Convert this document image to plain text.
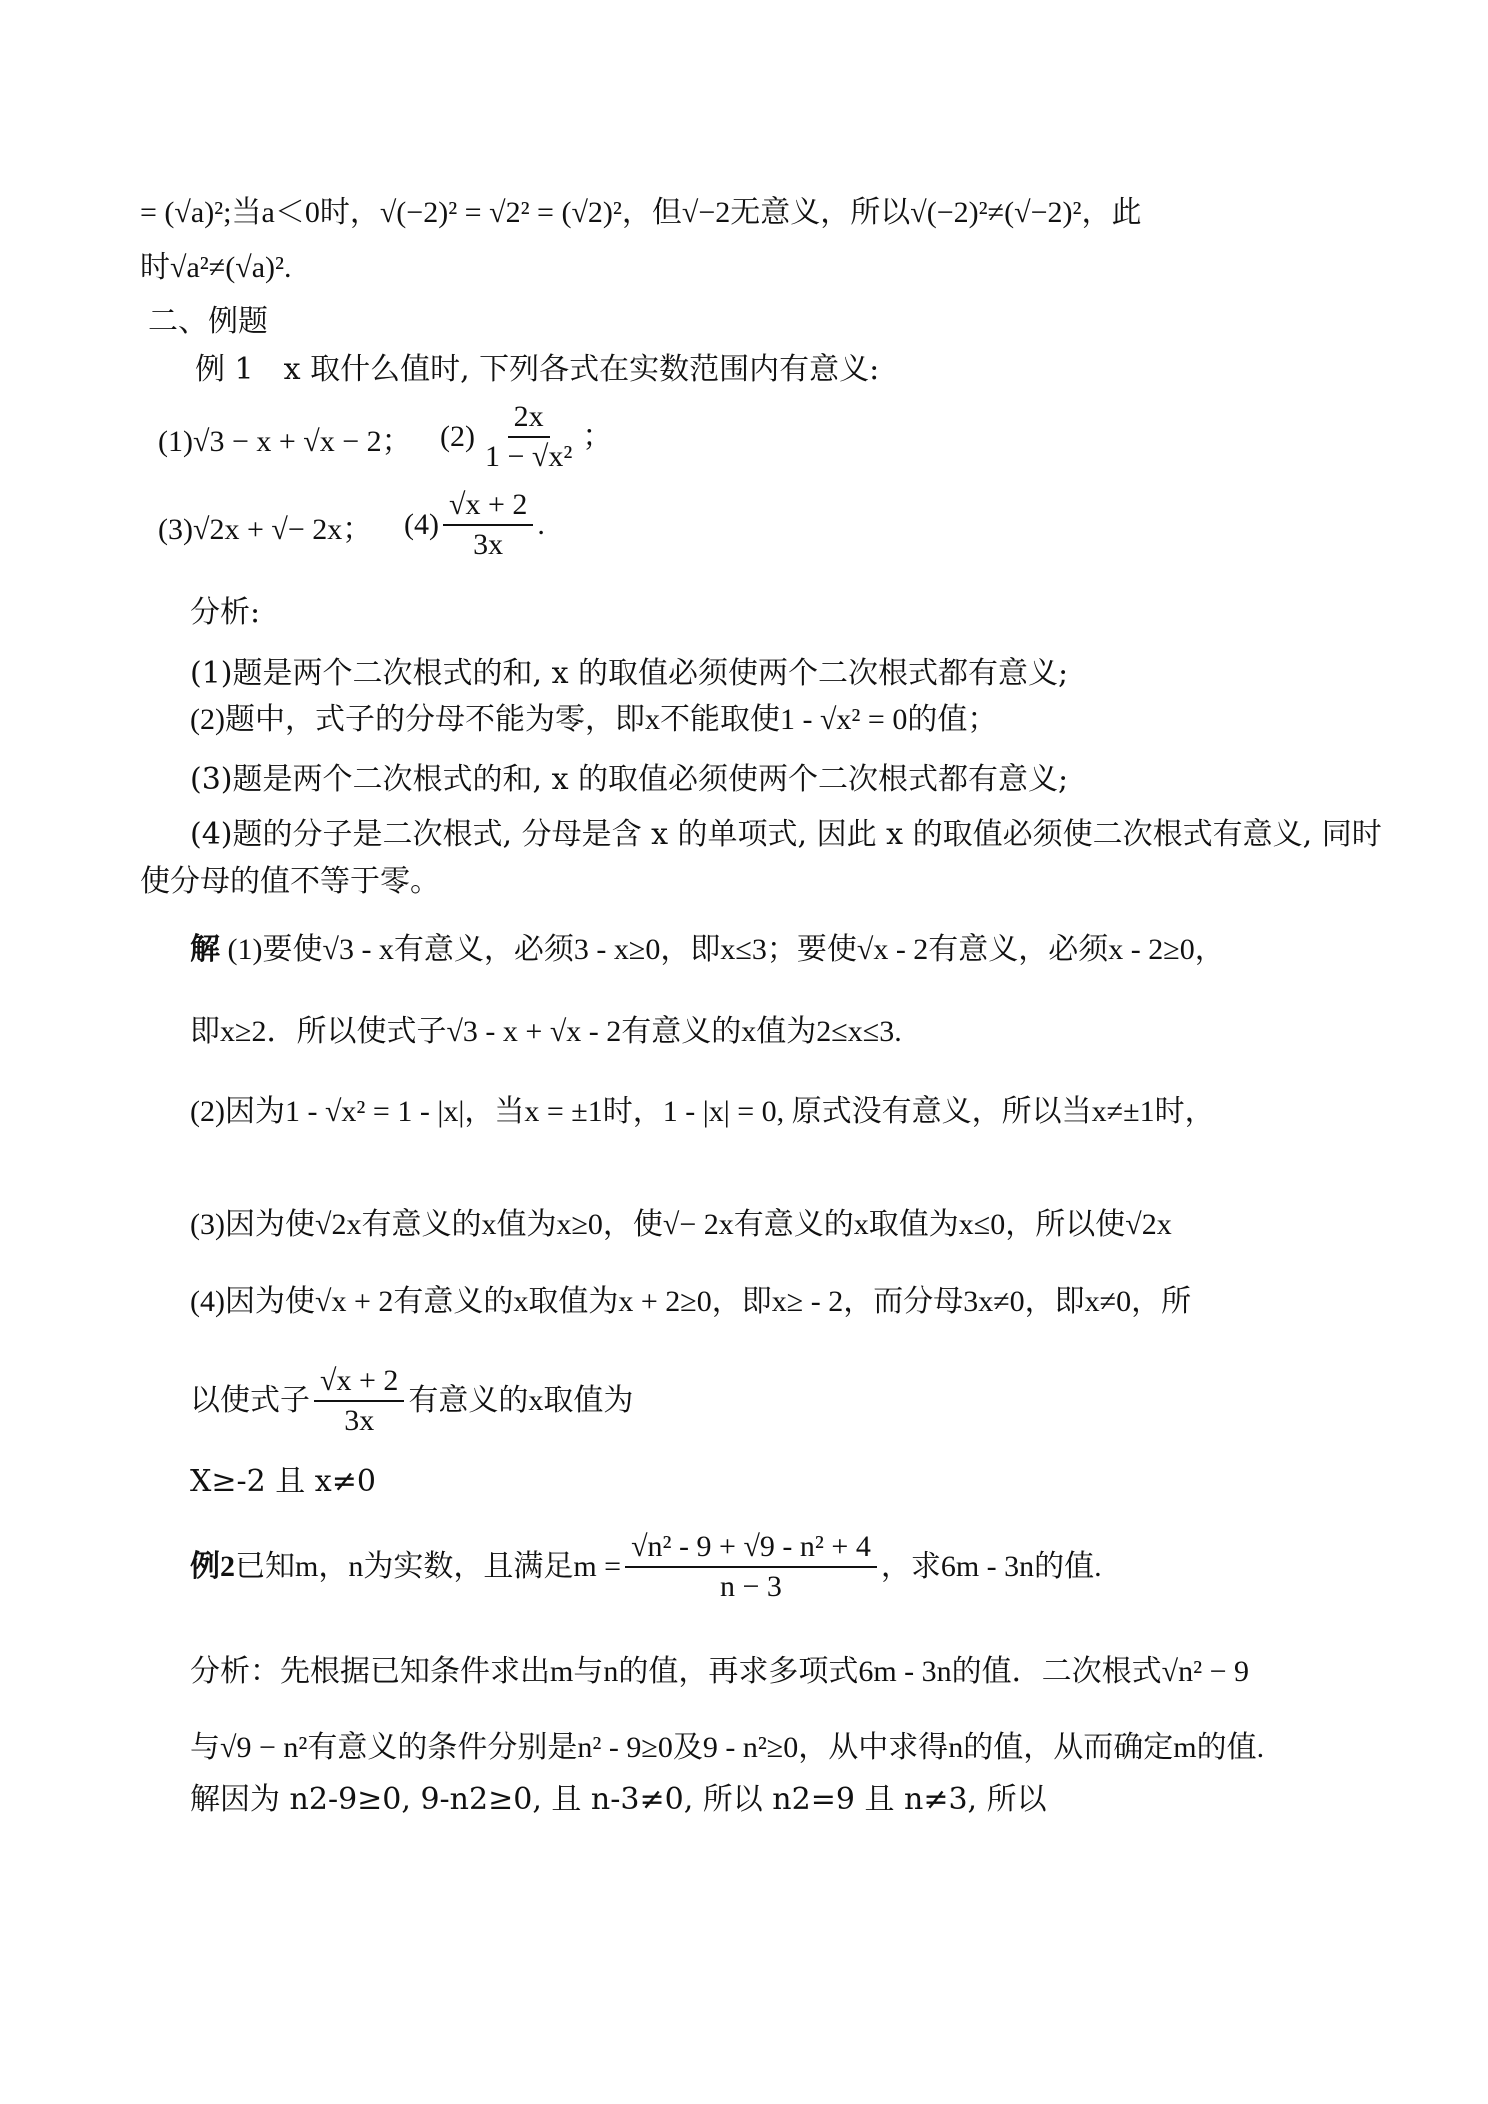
= (√a)²;当a＜0时，√(−2)² = √2² = (√2)²，但√−2无意义，所以√(−2)²≠(√−2)²，此
时√a²≠(√a)².
二、例题
例 1　x 取什么值时, 下列各式在实数范围内有意义:
(1)√3 − x + √x − 2； $(2) \frac{2x}{\text{1 − √x²}}$ ；
(3)√2x + √− 2x； $(4) \frac{√x + 2}{3x}$ .
分析:
(1)题是两个二次根式的和, x 的取值必须使两个二次根式都有意义;
(2)题中，式子的分母不能为零，即x不能取使1 - √x² = 0的值；
(3)题是两个二次根式的和, x 的取值必须使两个二次根式都有意义;
(4)题的分子是二次根式, 分母是含 x 的单项式, 因此 x 的取值必须使二次根式有意义, 同时
使分母的值不等于零。
解 (1)要使√3 - x有意义，必须3 - x≥0，即x≤3；要使√x - 2有意义，必须x - 2≥0，
即x≥2．所以使式子√3 - x + √x - 2有意义的x值为2≤x≤3.
(2)因为1 - √x² = 1 - |x|，当x = ±1时，1 - |x| = 0, 原式没有意义，所以当x≠±1时，
(3)因为使√2x有意义的x值为x≥0，使√− 2x有意义的x取值为x≤0，所以使√2x
(4)因为使√x + 2有意义的x取值为x + 2≥0，即x≥ - 2，而分母3x≠0，即x≠0，所
以使式子 $\frac{√x + 2}{3x}$ 有意义的x取值为
X≥-2 且 x≠0
例2 已知m，n为实数，且满足$m = \frac{\text{√n² - 9 + √9 - n² + 4}}{n - 3}$ ，求6m - 3n的值.
分析：先根据已知条件求出m与n的值，再求多项式6m - 3n的值．二次根式√n² − 9
与√9 − n²有意义的条件分别是n² - 9≥0及9 - n²≥0，从中求得n的值，从而确定m的值.
解因为 n2-9≥0, 9-n2≥0, 且 n-3≠0, 所以 n2=9 且 n≠3, 所以
